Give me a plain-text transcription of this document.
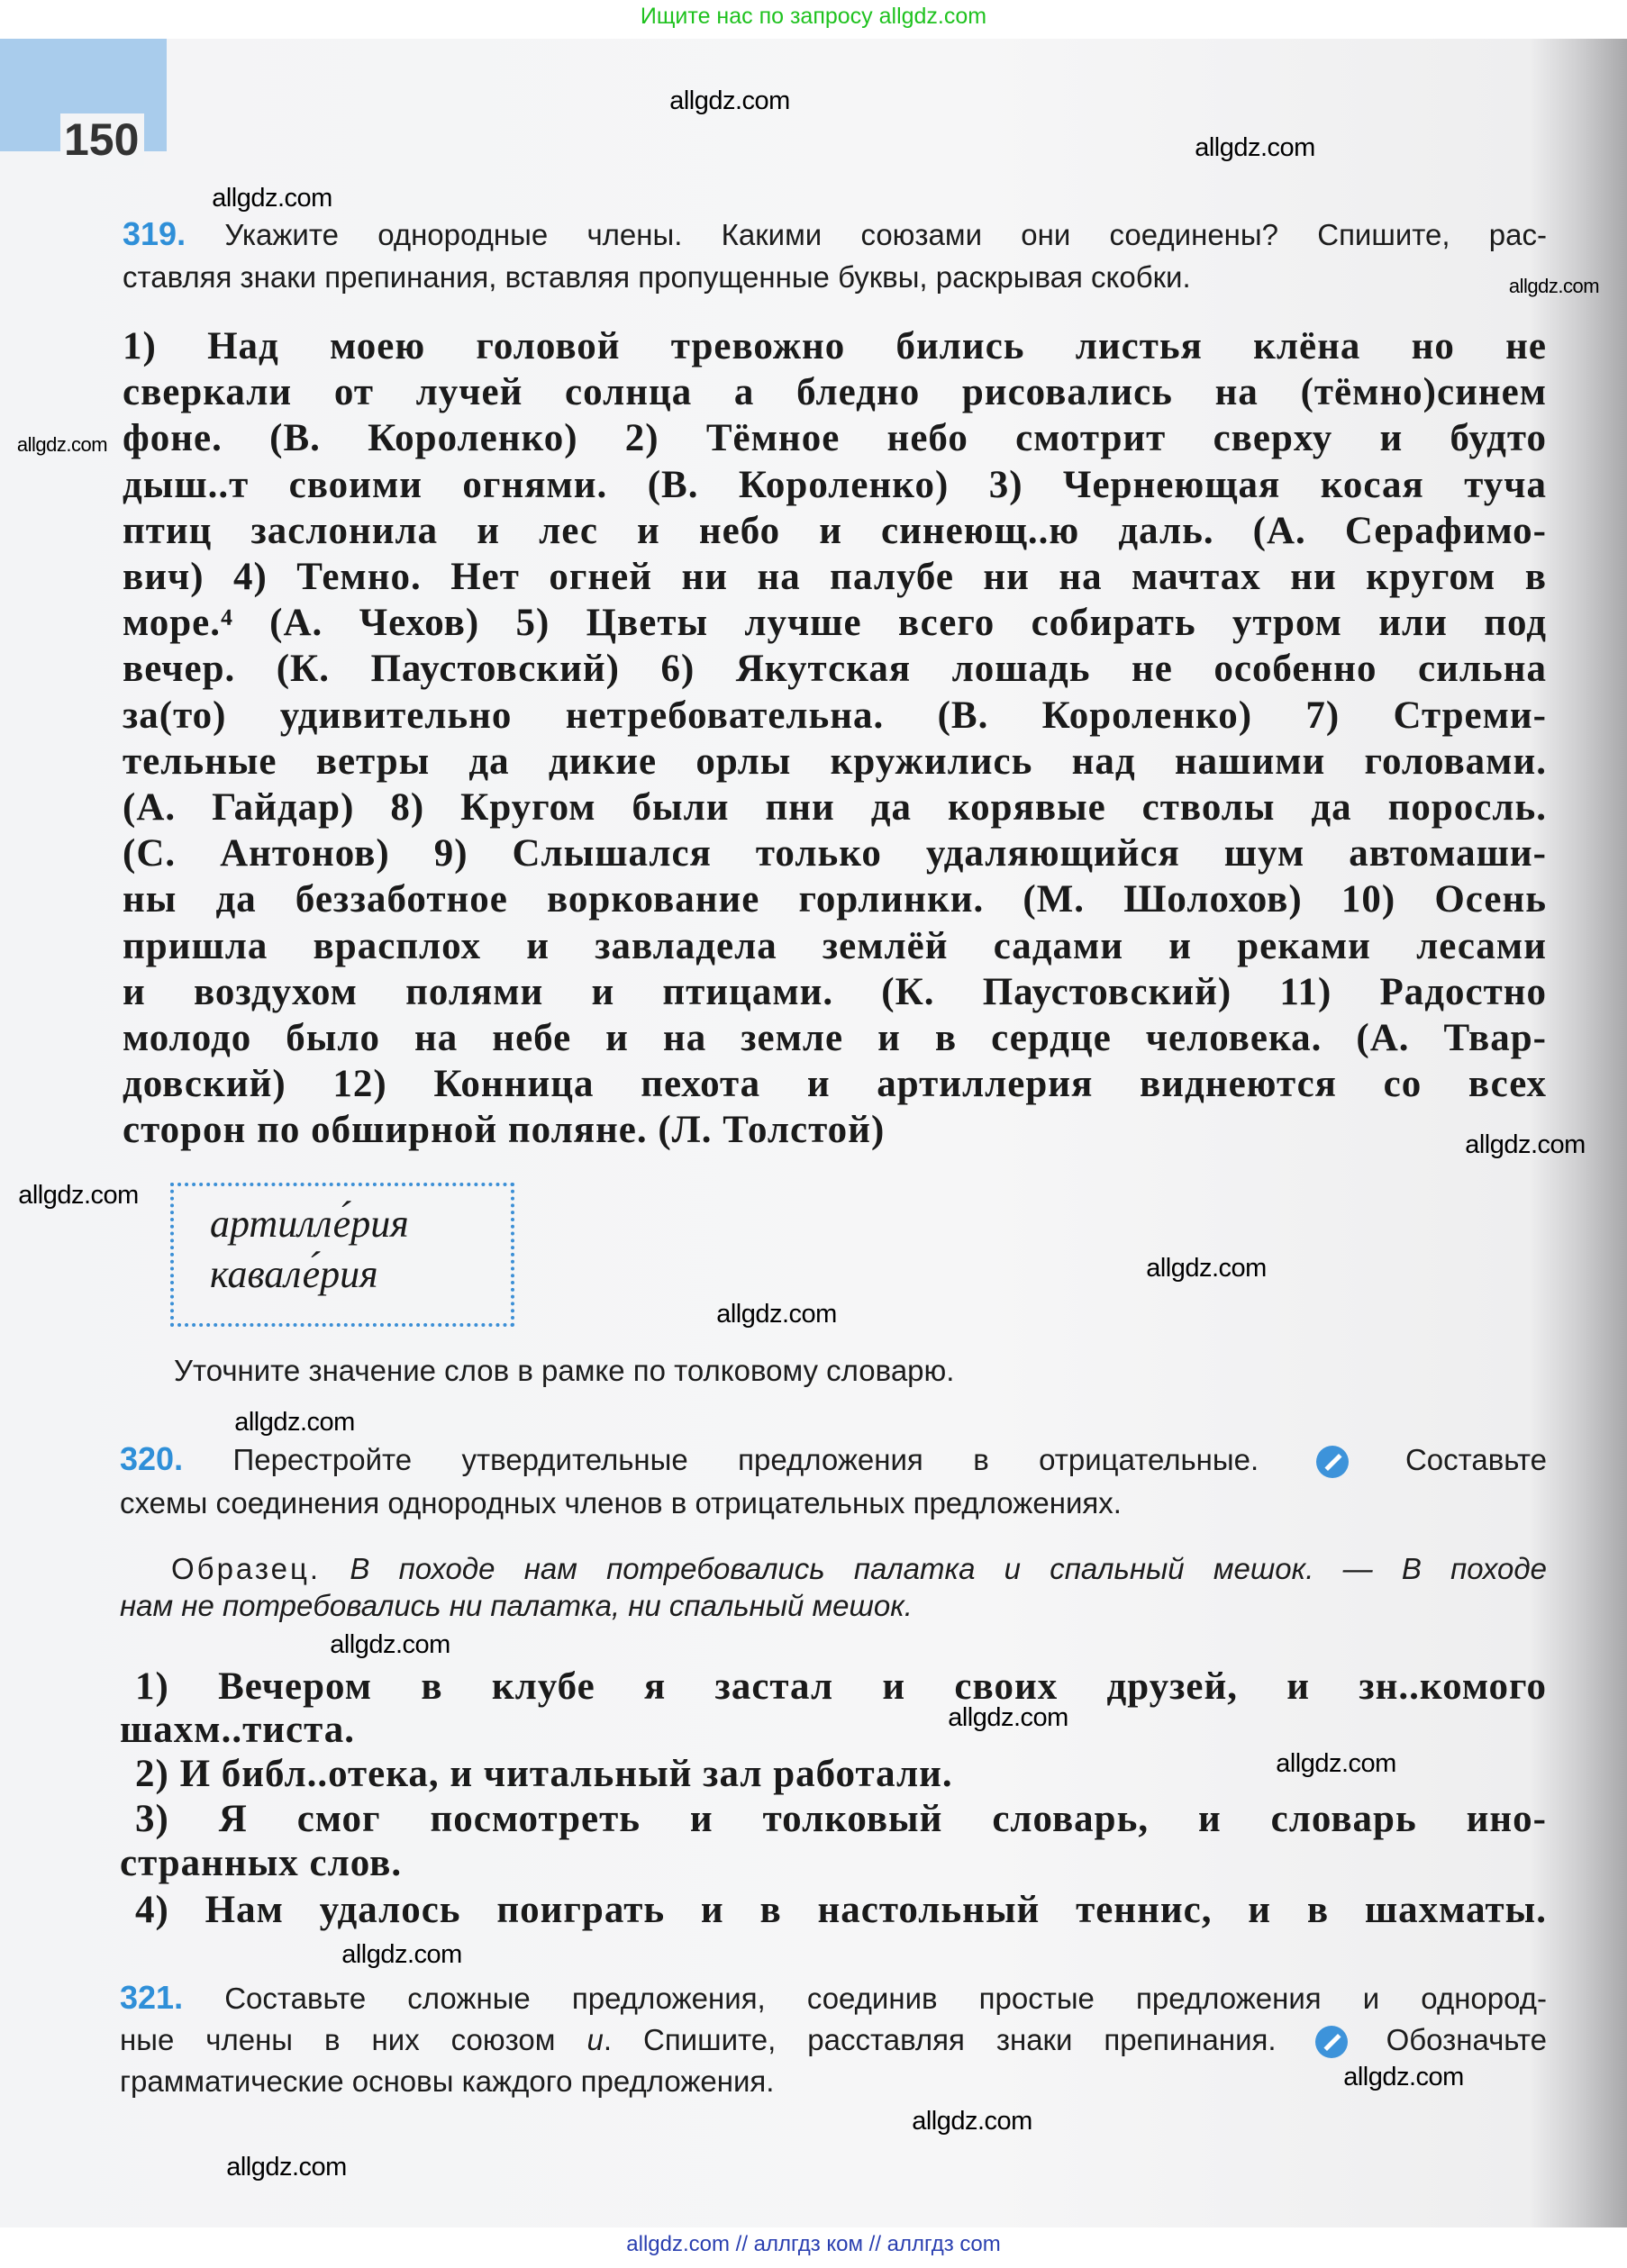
Ищите нас по запросу allgdz.com
150
319. Укажите однородные члены. Какими союзами они соединены? Спишите, рас-
ставляя знаки препинания, вставляя пропущенные буквы, раскрывая скобки.
1) Над моею головой тревожно бились листья клёна но не
сверкали от лучей солнца а бледно рисовались на (тёмно)синем
фоне. (В. Короленко) 2) Тёмное небо смотрит сверху и будто
дыш..т своими огнями. (В. Короленко) 3) Чернеющая косая туча
птиц заслонила и лес и небо и синеющ..ю даль. (А. Серафимо-
вич) 4) Темно. Нет огней ни на палубе ни на мачтах ни кругом в
море.⁴ (А. Чехов) 5) Цветы лучше всего собирать утром или под
вечер. (К. Паустовский) 6) Якутская лошадь не особенно сильна
за(то) удивительно нетребовательна. (В. Короленко) 7) Стреми-
тельные ветры да дикие орлы кружились над нашими головами.
(А. Гайдар) 8) Кругом были пни да корявые стволы да поросль.
(С. Антонов) 9) Слышался только удаляющийся шум автомаши-
ны да беззаботное воркование горлинки. (М. Шолохов) 10) Осень
пришла врасплох и завладела землёй садами и реками лесами
и воздухом полями и птицами. (К. Паустовский) 11) Радостно
молодо было на небе и на земле и в сердце человека. (А. Твар-
довский) 12) Конница пехота и артиллерия виднеются со всех
сторон по обширной поляне. (Л. Толстой)
артилле́рия
кавале́рия
Уточните значение слов в рамке по толковому словарю.
320. Перестройте утвердительные предложения в отрицательные.	Составьте
схемы соединения однородных членов в отрицательных предложениях.
Образец. В походе нам потребовались палатка и спальный мешок. — В походе
нам не потребовались ни палатка, ни спальный мешок.
1) Вечером в клубе я застал и своих друзей, и зн..комого
шахм..тиста.
2) И библ..отека, и читальный зал работали.
3) Я смог посмотреть и толковый словарь, и словарь ино-
странных слов.
4) Нам удалось поиграть и в настольный теннис, и в шахматы.
321. Составьте сложные предложения, соединив простые предложения и однород-
ные члены в них союзом и. Спишите, расставляя знаки препинания.	Обозначьте
грамматические основы каждого предложения.
allgdz.com
allgdz.com
allgdz.com
allgdz.com
allgdz.com
allgdz.com
allgdz.com
allgdz.com
allgdz.com
allgdz.com
allgdz.com
allgdz.com
allgdz.com
allgdz.com
allgdz.com
allgdz.com
allgdz.com
allgdz.com // аллгдз ком // аллгдз com
